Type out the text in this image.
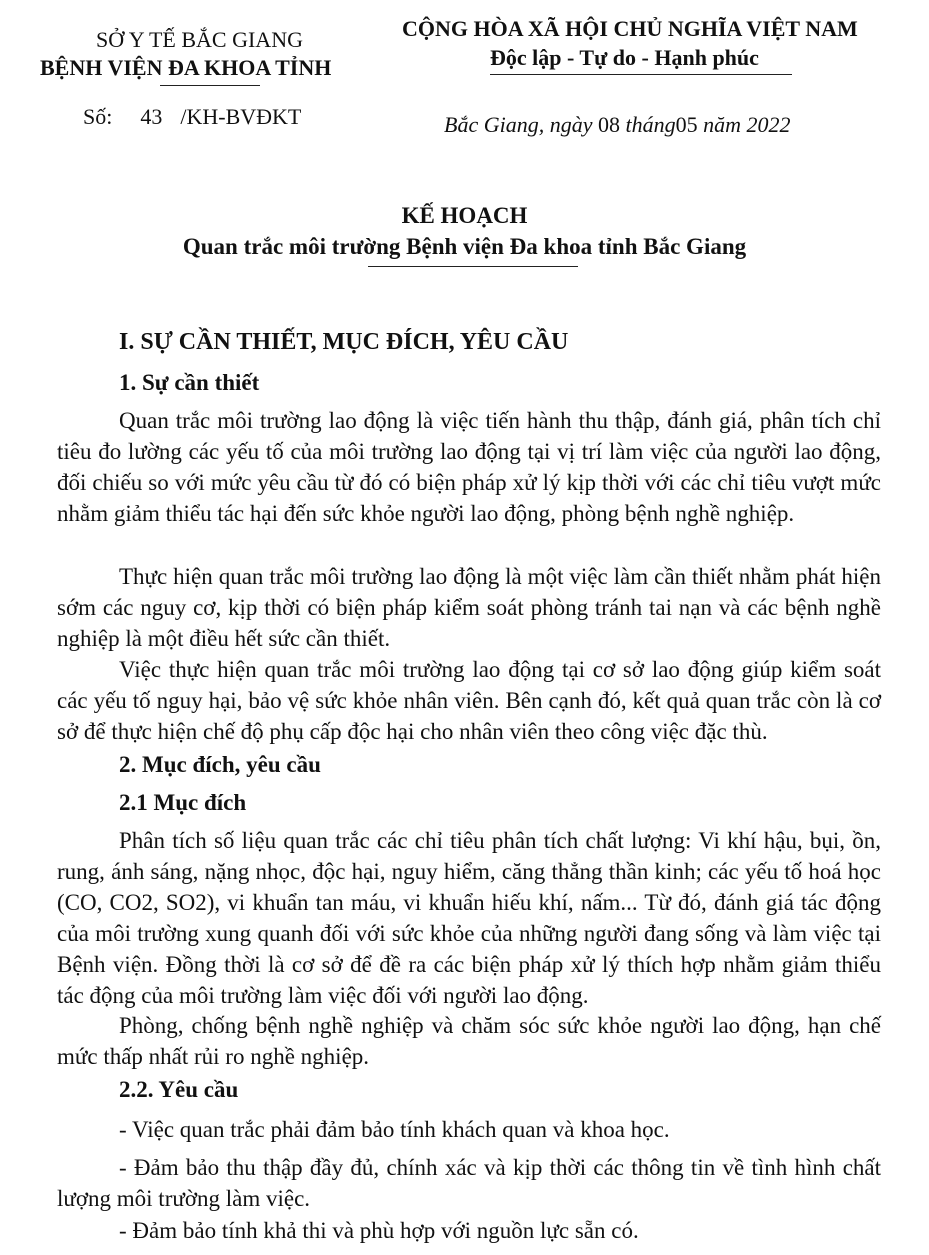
SỞ Y TẾ BẮC GIANG
BỆNH VIỆN ĐA KHOA TỈNH
CỘNG HÒA XÃ HỘI CHỦ NGHĨA VIỆT NAM
Độc lập - Tự do - Hạnh phúc
Số: 43 /KH-BVĐKT	Bắc Giang, ngày 08 tháng05 năm 2022
KẾ HOẠCH
Quan trắc môi trường Bệnh viện Đa khoa tỉnh Bắc Giang
I. SỰ CẦN THIẾT, MỤC ĐÍCH, YÊU CẦU
1. Sự cần thiết
Quan trắc môi trường lao động là việc tiến hành thu thập, đánh giá, phân tích chỉ tiêu đo lường các yếu tố của môi trường lao động tại vị trí làm việc của người lao động, đối chiếu so với mức yêu cầu từ đó có biện pháp xử lý kịp thời với các chỉ tiêu vượt mức nhằm giảm thiểu tác hại đến sức khỏe người lao động, phòng bệnh nghề nghiệp.
Thực hiện quan trắc môi trường lao động là một việc làm cần thiết nhằm phát hiện sớm các nguy cơ, kịp thời có biện pháp kiểm soát phòng tránh tai nạn và các bệnh nghề nghiệp là một điều hết sức cần thiết.
Việc thực hiện quan trắc môi trường lao động tại cơ sở lao động giúp kiểm soát các yếu tố nguy hại, bảo vệ sức khỏe nhân viên. Bên cạnh đó, kết quả quan trắc còn là cơ sở để thực hiện chế độ phụ cấp độc hại cho nhân viên theo công việc đặc thù.
2. Mục đích, yêu cầu
2.1 Mục đích
Phân tích số liệu quan trắc các chỉ tiêu phân tích chất lượng: Vi khí hậu, bụi, ồn, rung, ánh sáng, nặng nhọc, độc hại, nguy hiểm, căng thẳng thần kinh; các yếu tố hoá học (CO, CO2, SO2), vi khuẩn tan máu, vi khuẩn hiếu khí, nấm... Từ đó, đánh giá tác động của môi trường xung quanh đối với sức khỏe của những người đang sống và làm việc tại Bệnh viện. Đồng thời là cơ sở để đề ra các biện pháp xử lý thích hợp nhằm giảm thiểu tác động của môi trường làm việc đối với người lao động.
Phòng, chống bệnh nghề nghiệp và chăm sóc sức khỏe người lao động, hạn chế mức thấp nhất rủi ro nghề nghiệp.
2.2. Yêu cầu
- Việc quan trắc phải đảm bảo tính khách quan và khoa học.
- Đảm bảo thu thập đầy đủ, chính xác và kịp thời các thông tin về tình hình chất lượng môi trường làm việc.
- Đảm bảo tính khả thi và phù hợp với nguồn lực sẵn có.
